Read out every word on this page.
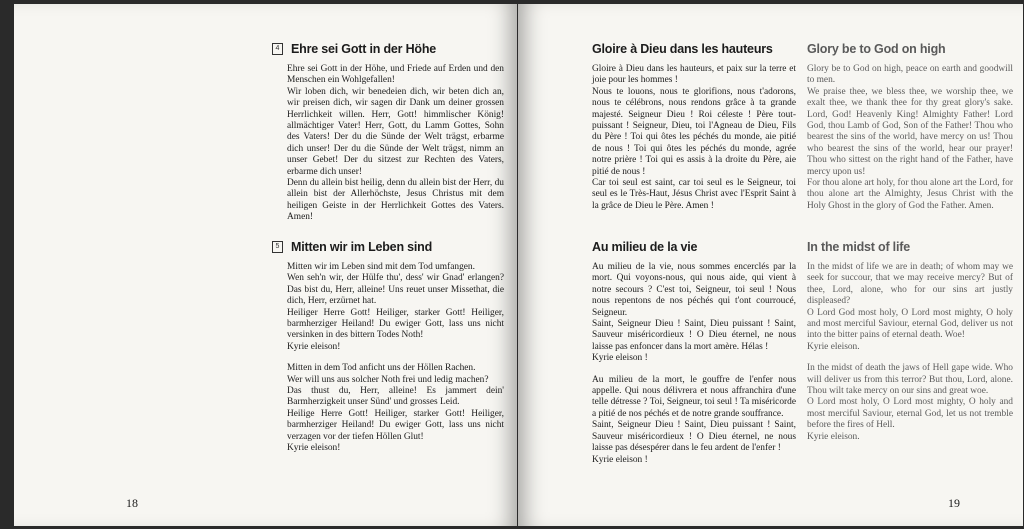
4 Ehre sei Gott in der Höhe

Ehre sei Gott in der Höhe, und Friede auf Erden und den Menschen ein Wohlgefallen!

Wir loben dich, wir benedeien dich, wir beten dich an, wir preisen dich, wir sagen dir Dank um deiner grossen Herrlichkeit willen. Herr, Gott! himmlischer König! allmächtiger Vater! Herr, Gott, du Lamm Gottes, Sohn des Vaters! Der du die Sünde der Welt trägst, erbarme dich unser! Der du die Sünde der Welt trägst, nimm an unser Gebet! Der du sitzest zur Rechten des Vaters, erbarme dich unser!

Denn du allein bist heilig, denn du allein bist der Herr, du allein bist der Allerhöchste, Jesus Christus mit dem heiligen Geiste in der Herrlichkeit Gottes des Vaters. Amen!

5 Mitten wir im Leben sind

Mitten wir im Leben sind mit dem Tod umfangen.

Wen seh'n wir, der Hülfe thu', dess' wir Gnad' erlangen? Das bist du, Herr, alleine! Uns reuet unser Missethat, die dich, Herr, erzürnet hat.

Heiliger Herre Gott! Heiliger, starker Gott! Heiliger, barmherziger Heiland! Du ewiger Gott, lass uns nicht versinken in des bittern Todes Noth!

Kyrie eleison!

Mitten in dem Tod anficht uns der Höllen Rachen.

Wer will uns aus solcher Noth frei und ledig machen?

Das thust du, Herr, alleine! Es jammert dein' Barmherzigkeit unser Sünd' und grosses Leid.

Heilige Herre Gott! Heiliger, starker Gott! Heiliger, barmherziger Heiland! Du ewiger Gott, lass uns nicht verzagen vor der tiefen Höllen Glut!

Kyrie eleison!

18
Gloire à Dieu dans les hauteurs

Gloire à Dieu dans les hauteurs, et paix sur la terre et joie pour les hommes !

Nous te louons, nous te glorifions, nous t'adorons, nous te célébrons, nous rendons grâce à ta grande majesté. Seigneur Dieu ! Roi céleste ! Père tout-puissant ! Seigneur, Dieu, toi l'Agneau de Dieu, Fils du Père ! Toi qui ôtes les péchés du monde, aie pitié de nous ! Toi qui ôtes les péchés du monde, agrée notre prière ! Toi qui es assis à la droite du Père, aie pitié de nous !

Car toi seul est saint, car toi seul es le Seigneur, toi seul es le Très-Haut, Jésus Christ avec l'Esprit Saint à la grâce de Dieu le Père. Amen !

Au milieu de la vie

Au milieu de la vie, nous sommes encerclés par la mort. Qui voyons-nous, qui nous aide, qui vient à notre secours ? C'est toi, Seigneur, toi seul ! Nous nous repentons de nos péchés qui t'ont courroucé, Seigneur.

Saint, Seigneur Dieu ! Saint, Dieu puissant ! Saint, Sauveur miséricordieux ! O Dieu éternel, ne nous laisse pas enfoncer dans la mort amère. Hélas !

Kyrie eleison !

Au milieu de la mort, le gouffre de l'enfer nous appelle. Qui nous délivrera et nous affranchira d'une telle détresse ? Toi, Seigneur, toi seul ! Ta miséricorde a pitié de nos péchés et de notre grande souffrance.

Saint, Seigneur Dieu ! Saint, Dieu puissant ! Saint, Sauveur miséricordieux ! O Dieu éternel, ne nous laisse pas désespérer dans le feu ardent de l'enfer !

Kyrie eleison !

Glory be to God on high

Glory be to God on high, peace on earth and goodwill to men.

We praise thee, we bless thee, we worship thee, we exalt thee, we thank thee for thy great glory's sake. Lord, God! Heavenly King! Almighty Father! Lord God, thou Lamb of God, Son of the Father! Thou who bearest the sins of the world, have mercy on us! Thou who bearest the sins of the world, hear our prayer! Thou who sittest on the right hand of the Father, have mercy upon us!

For thou alone art holy, for thou alone art the Lord, for thou alone art the Almighty, Jesus Christ with the Holy Ghost in the glory of God the Father. Amen.

In the midst of life

In the midst of life we are in death; of whom may we seek for succour, that we may receive mercy? But of thee, Lord, alone, who for our sins art justly displeased?

O Lord God most holy, O Lord most mighty, O holy and most merciful Saviour, eternal God, deliver us not into the bitter pains of eternal death. Woe!

Kyrie eleison.

In the midst of death the jaws of Hell gape wide. Who will deliver us from this terror? But thou, Lord, alone. Thou wilt take mercy on our sins and great woe.

O Lord most holy, O Lord most mighty, O holy and most merciful Saviour, eternal God, let us not tremble before the fires of Hell.

Kyrie eleison.

19
